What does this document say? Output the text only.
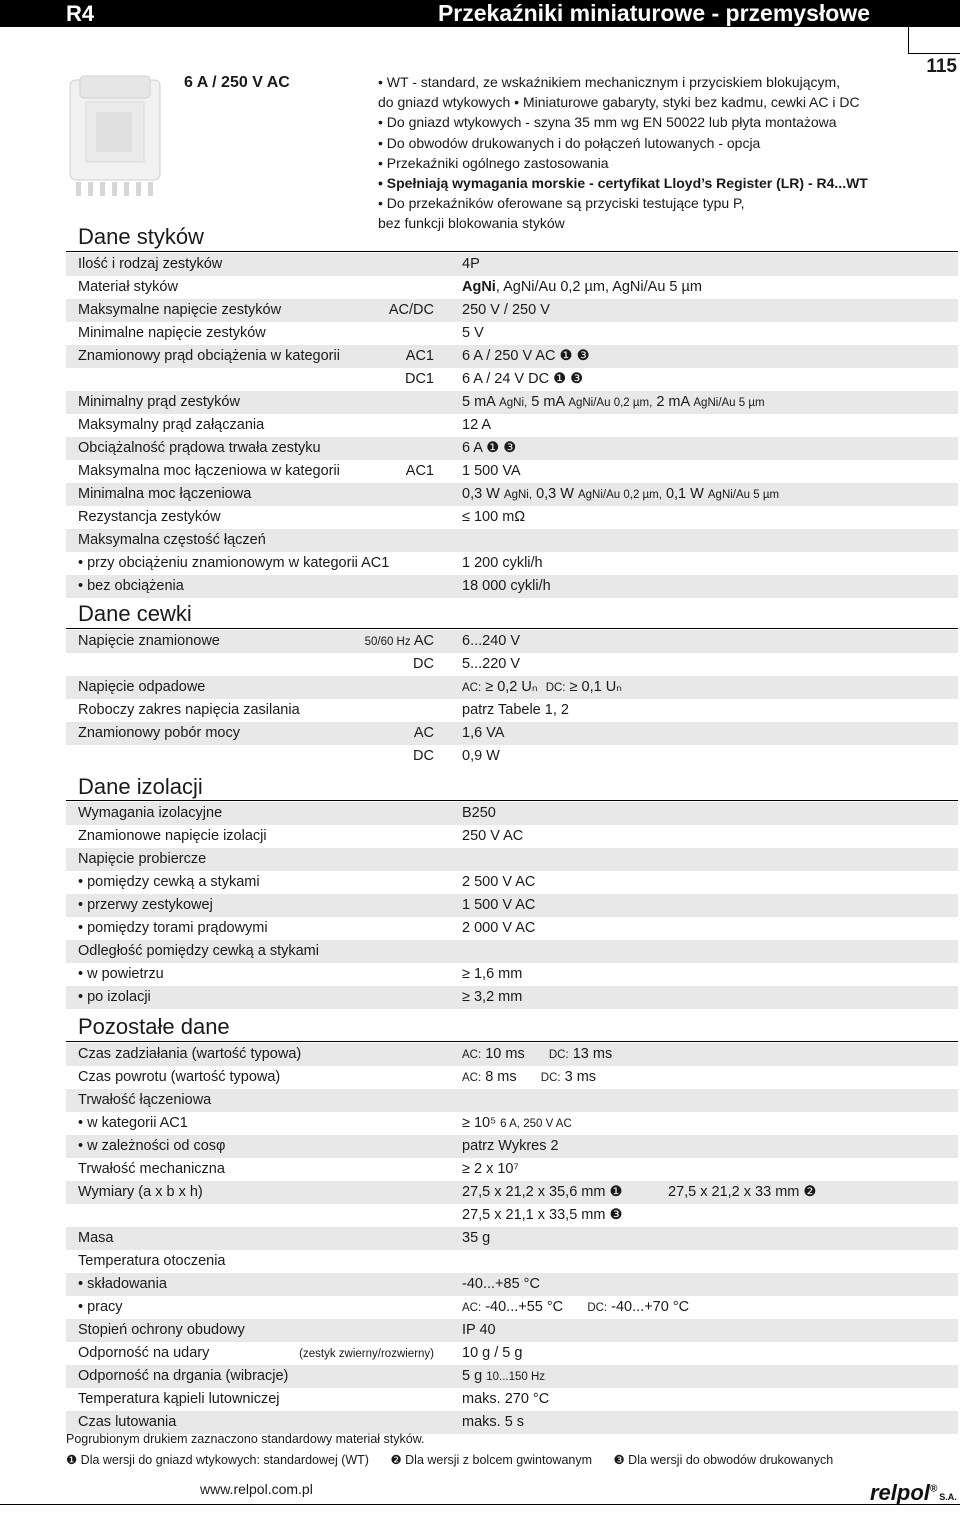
R4	Przekaźniki miniaturowe - przemysłowe
115
6 A / 250 V AC	• WT - standard, ze wskaźnikiem mechanicznym i przyciskiem blokującym,
do gniazd wtykowych • Miniaturowe gabaryty, styki bez kadmu, cewki AC i DC
• Do gniazd wtykowych - szyna 35 mm wg EN 50022 lub płyta montażowa
• Do obwodów drukowanych i do połączeń lutowanych - opcja
• Przekaźniki ogólnego zastosowania
• Spełniają wymagania morskie - certyfikat Lloyd’s Register (LR) - R4...WT
• Do przekaźników oferowane są przyciski testujące typu P,
bez funkcji blokowania styków
Dane styków
Ilość i rodzaj zestyków	4P
Materiał styków	AgNi, AgNi/Au 0,2 µm, AgNi/Au 5 µm
Maksymalne napięcie zestyków	AC/DC 250 V / 250 V
Minimalne napięcie zestyków	5 V
Znamionowy prąd obciążenia w kategorii	AC1 6 A / 250 V AC ❶ ❸
DC1 6 A / 24 V DC ❶ ❸
Minimalny prąd zestyków	5 mA AgNi, 5 mA AgNi/Au 0,2 µm, 2 mA AgNi/Au 5 µm
Maksymalny prąd załączania	12 A
Obciążalność prądowa trwała zestyku	6 A ❶ ❸
Maksymalna moc łączeniowa w kategorii	AC1 1 500 VA
Minimalna moc łączeniowa	0,3 W AgNi, 0,3 W AgNi/Au 0,2 µm, 0,1 W AgNi/Au 5 µm
Rezystancja zestyków	≤ 100 mΩ
Maksymalna częstość łączeń
• przy obciążeniu znamionowym w kategorii AC1	1 200 cykli/h
• bez obciążenia	18 000 cykli/h
Dane cewki
Napięcie znamionowe	50/60 Hz AC 6...240 V
DC 5...220 V
Napięcie odpadowe	AC: ≥ 0,2 Uₙ DC: ≥ 0,1 Uₙ
Roboczy zakres napięcia zasilania	patrz Tabele 1, 2
Znamionowy pobór mocy	AC 1,6 VA
DC 0,9 W
Dane izolacji
Wymagania izolacyjne	B250
Znamionowe napięcie izolacji	250 V AC
Napięcie probiercze
• pomiędzy cewką a stykami	2 500 V AC
• przerwy zestykowej	1 500 V AC
• pomiędzy torami prądowymi	2 000 V AC
Odległość pomiędzy cewką a stykami
• w powietrzu	≥ 1,6 mm
• po izolacji	≥ 3,2 mm
Pozostałe dane
Czas zadziałania (wartość typowa)	AC: 10 ms DC: 13 ms
Czas powrotu (wartość typowa)	AC: 8 ms DC: 3 ms
Trwałość łączeniowa
• w kategorii AC1	≥ 10⁵ 6 A, 250 V AC
• w zależności od cosφ	patrz Wykres 2
Trwałość mechaniczna	≥ 2 x 10⁷
Wymiary (a x b x h)	27,5 x 21,2 x 35,6 mm ❶	27,5 x 21,2 x 33 mm ❷
27,5 x 21,1 x 33,5 mm ❸
Masa	35 g
Temperatura otoczenia
• składowania	-40...+85 °C
• pracy	AC: -40...+55 °C DC: -40...+70 °C
Stopień ochrony obudowy	IP 40
Odporność na udary	(zestyk zwierny/rozwierny) 10 g / 5 g
Odporność na drgania (wibracje)	5 g 10...150 Hz
Temperatura kąpieli lutowniczej	maks. 270 °C
Czas lutowania	maks. 5 s
Pogrubionym drukiem zaznaczono standardowy materiał styków.
❶ Dla wersji do gniazd wtykowych: standardowej (WT) ❷ Dla wersji z bolcem gwintowanym ❸ Dla wersji do obwodów drukowanych
www.relpol.com.pl	relpol®S.A.
